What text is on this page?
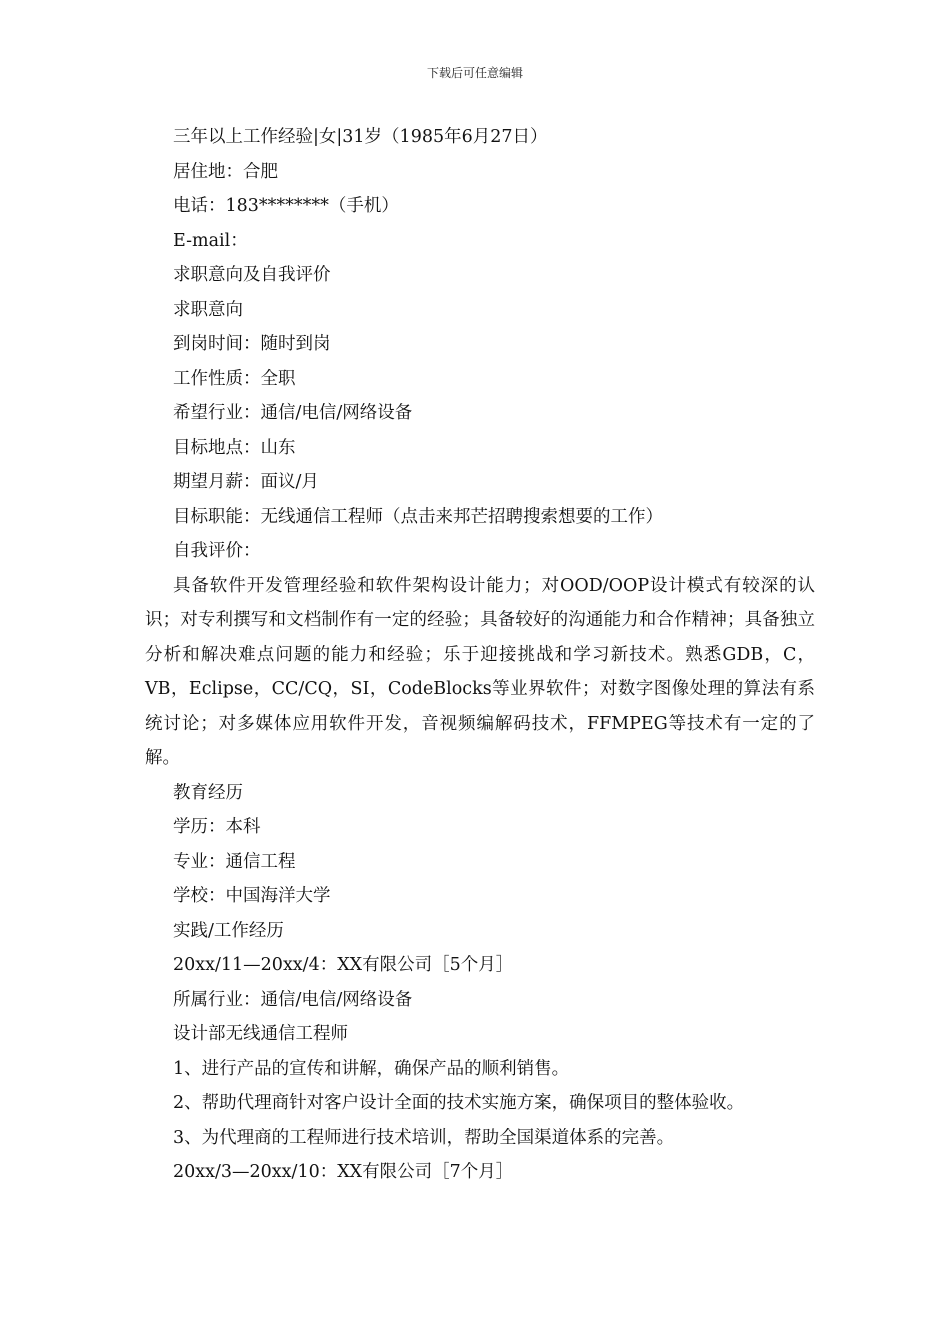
下载后可任意编辑

三年以上工作经验|女|31岁（1985年6月27日）

居住地：合肥

电话：183********（手机）

E-mail：

求职意向及自我评价

求职意向

到岗时间：随时到岗

工作性质：全职

希望行业：通信/电信/网络设备

目标地点：山东

期望月薪：面议/月

目标职能：无线通信工程师（点击来邦芒招聘搜索想要的工作）

自我评价：

具备软件开发管理经验和软件架构设计能力；对OOD/OOP设计模式有较深的认识；对专利撰写和文档制作有一定的经验；具备较好的沟通能力和合作精神；具备独立分析和解决难点问题的能力和经验；乐于迎接挑战和学习新技术。熟悉GDB，C，VB，Eclipse，CC/CQ，SI，CodeBlocks等业界软件；对数字图像处理的算法有系统讨论；对多媒体应用软件开发，音视频编解码技术，FFMPEG等技术有一定的了解。

教育经历

学历：本科

专业：通信工程

学校：中国海洋大学

实践/工作经历

20xx/11—20xx/4：XX有限公司［5个月］

所属行业：通信/电信/网络设备

设计部无线通信工程师

1、进行产品的宣传和讲解，确保产品的顺利销售。

2、帮助代理商针对客户设计全面的技术实施方案，确保项目的整体验收。

3、为代理商的工程师进行技术培训，帮助全国渠道体系的完善。

20xx/3—20xx/10：XX有限公司［7个月］
